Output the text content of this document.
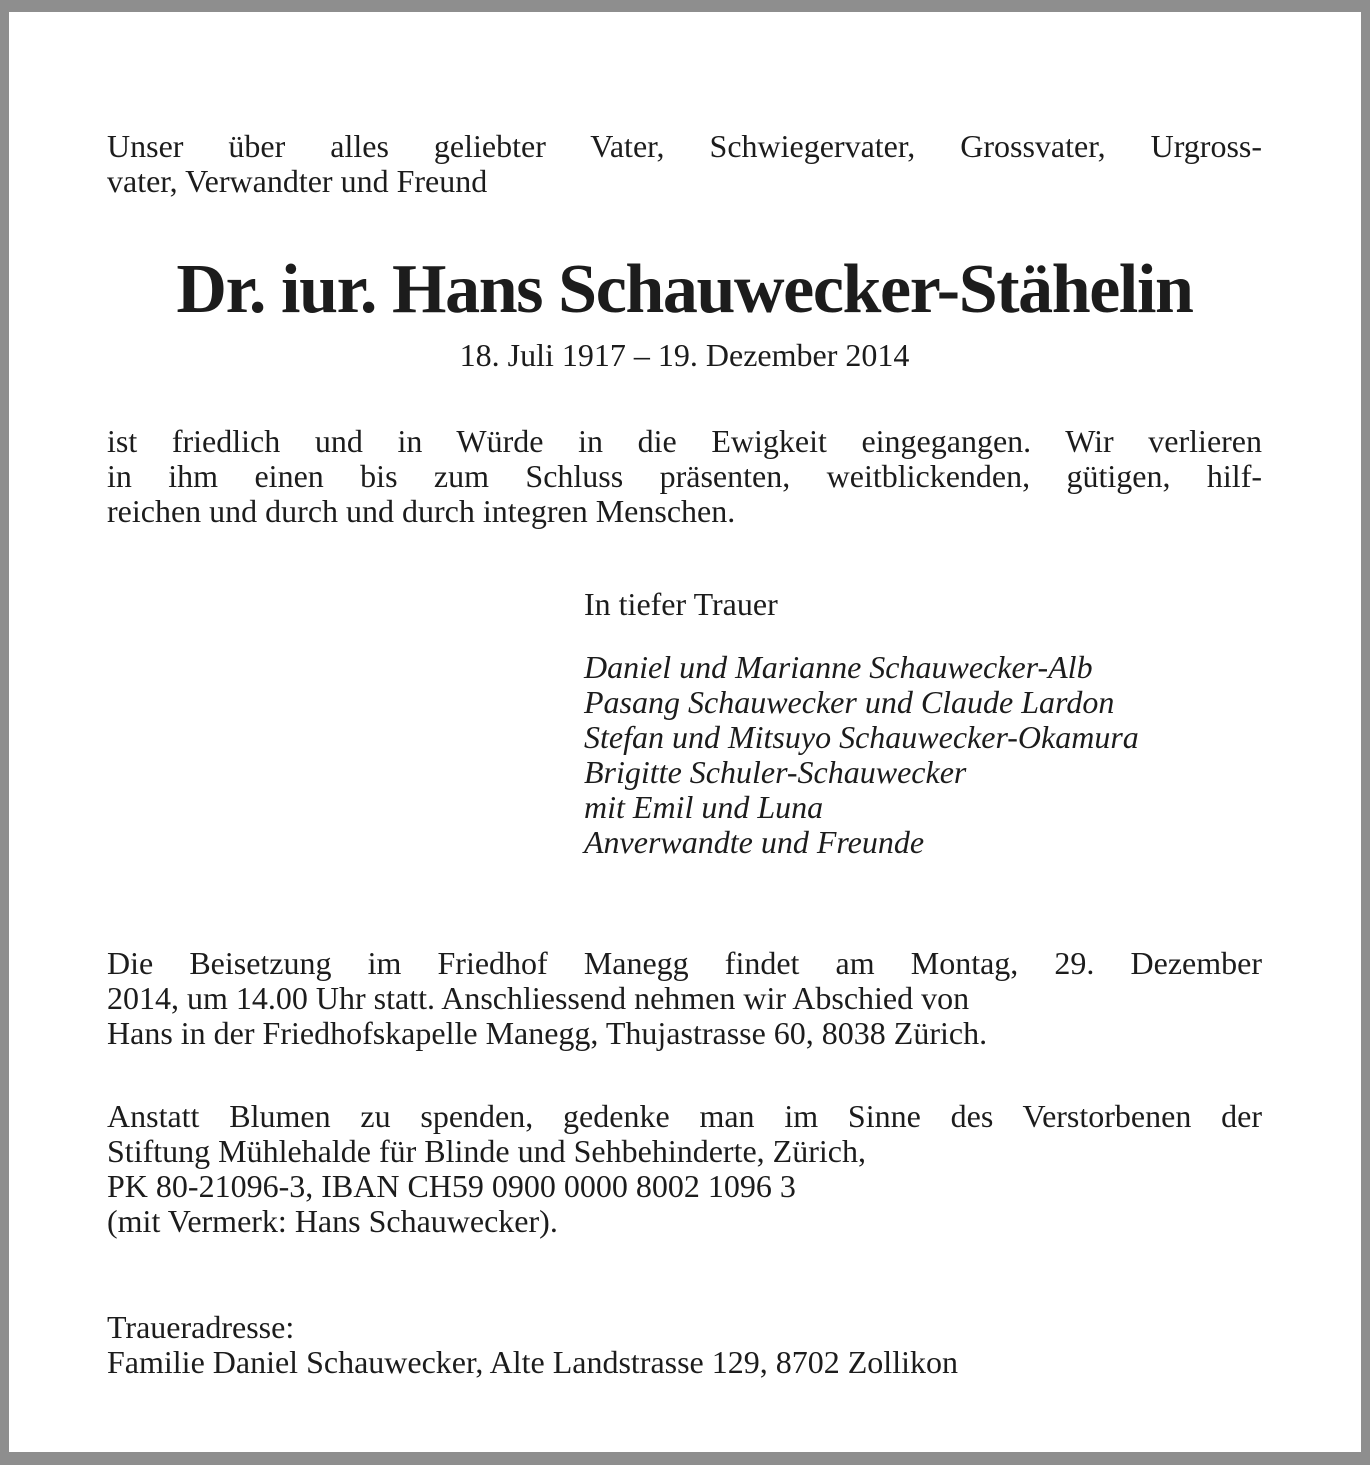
Unser über alles geliebter Vater, Schwiegervater, Grossvater, Urgross-
vater, Verwandter und Freund
Dr. iur. Hans Schauwecker-Stähelin
18. Juli 1917 – 19. Dezember 2014
ist friedlich und in Würde in die Ewigkeit eingegangen. Wir verlieren
in ihm einen bis zum Schluss präsenten, weitblickenden, gütigen, hilf-
reichen und durch und durch integren Menschen.
In tiefer Trauer
Daniel und Marianne Schauwecker-Alb
Pasang Schauwecker und Claude Lardon
Stefan und Mitsuyo Schauwecker-Okamura
Brigitte Schuler-Schauwecker
mit Emil und Luna
Anverwandte und Freunde
Die Beisetzung im Friedhof Manegg findet am Montag, 29. Dezember
2014, um 14.00 Uhr statt. Anschliessend nehmen wir Abschied von
Hans in der Friedhofskapelle Manegg, Thujastrasse 60, 8038 Zürich.
Anstatt Blumen zu spenden, gedenke man im Sinne des Verstorbenen der
Stiftung Mühlehalde für Blinde und Sehbehinderte, Zürich,
PK 80-21096-3, IBAN CH59 0900 0000 8002 1096 3
(mit Vermerk: Hans Schauwecker).
Traueradresse:
Familie Daniel Schauwecker, Alte Landstrasse 129, 8702 Zollikon
